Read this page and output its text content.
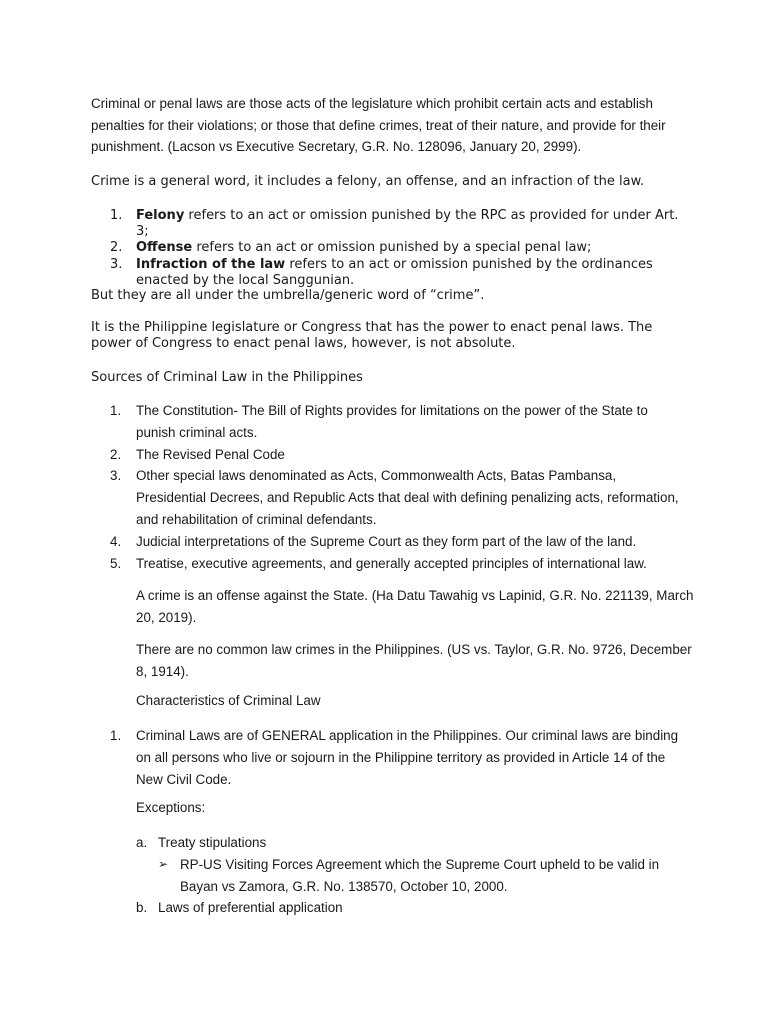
Criminal or penal laws are those acts of the legislature which prohibit certain acts and establish penalties for their violations; or those that define crimes, treat of their nature, and provide for their punishment. (Lacson vs Executive Secretary, G.R. No. 128096, January 20, 2999).

Crime is a general word, it includes a felony, an offense, and an infraction of the law.

1.	Felony refers to an act or omission punished by the RPC as provided for under Art. 3;
2.	Offense refers to an act or omission punished by a special penal law;
3.	Infraction of the law refers to an act or omission punished by the ordinances enacted by the local Sanggunian.

But they are all under the umbrella/generic word of “crime”.

It is the Philippine legislature or Congress that has the power to enact penal laws. The power of Congress to enact penal laws, however, is not absolute.

Sources of Criminal Law in the Philippines

1.	The Constitution- The Bill of Rights provides for limitations on the power of the State to punish criminal acts.
2.	The Revised Penal Code
3.	Other special laws denominated as Acts, Commonwealth Acts, Batas Pambansa, Presidential Decrees, and Republic Acts that deal with defining penalizing acts, reformation, and rehabilitation of criminal defendants.
4.	Judicial interpretations of the Supreme Court as they form part of the law of the land.
5.	Treatise, executive agreements, and generally accepted principles of international law.

A crime is an offense against the State. (Ha Datu Tawahig vs Lapinid, G.R. No. 221139, March 20, 2019).

There are no common law crimes in the Philippines. (US vs. Taylor, G.R. No. 9726, December 8, 1914).

Characteristics of Criminal Law

1.	Criminal Laws are of GENERAL application in the Philippines. Our criminal laws are binding on all persons who live or sojourn in the Philippine territory as provided in Article 14 of the New Civil Code.

Exceptions:

a. Treaty stipulations
➢ RP-US Visiting Forces Agreement which the Supreme Court upheld to be valid in Bayan vs Zamora, G.R. No. 138570, October 10, 2000.
b. Laws of preferential application
